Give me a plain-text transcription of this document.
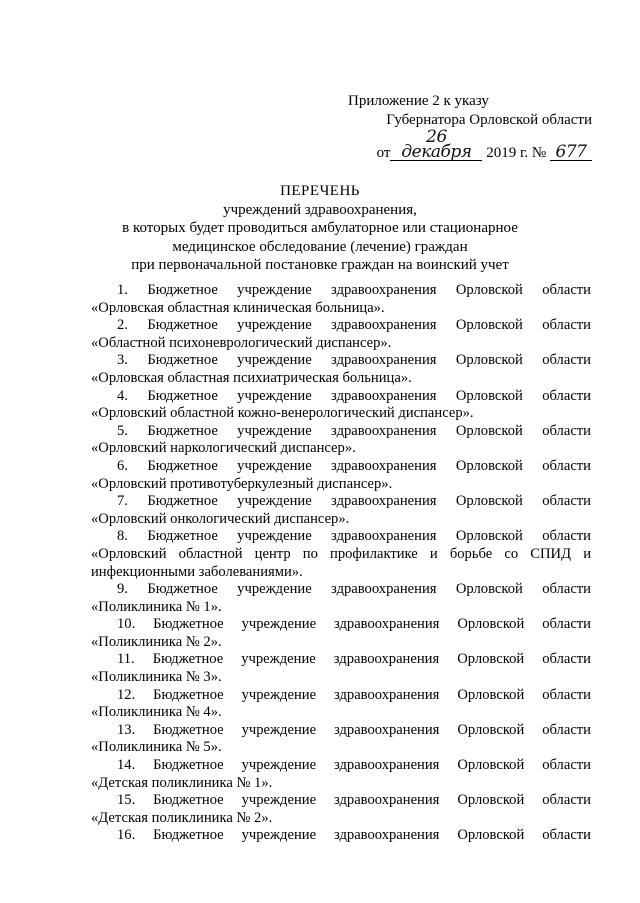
Приложение 2 к указу
Губернатора Орловской области
от26 декабря 2019 г. № 677
ПЕРЕЧЕНЬ
учреждений здравоохранения,
в которых будет проводиться амбулаторное или стационарное
медицинское обследование (лечение) граждан
при первоначальной постановке граждан на воинский учет
1. Бюджетное учреждение здравоохранения Орловской области
«Орловская областная клиническая больница».
2. Бюджетное учреждение здравоохранения Орловской области
«Областной психоневрологический диспансер».
3. Бюджетное учреждение здравоохранения Орловской области
«Орловская областная психиатрическая больница».
4. Бюджетное учреждение здравоохранения Орловской области
«Орловский областной кожно-венерологический диспансер».
5. Бюджетное учреждение здравоохранения Орловской области
«Орловский наркологический диспансер».
6. Бюджетное учреждение здравоохранения Орловской области
«Орловский противотуберкулезный диспансер».
7. Бюджетное учреждение здравоохранения Орловской области
«Орловский онкологический диспансер».
8. Бюджетное учреждение здравоохранения Орловской области
«Орловский областной центр по профилактике и борьбе со СПИД и инфекционными заболеваниями».
9. Бюджетное учреждение здравоохранения Орловской области
«Поликлиника № 1».
10. Бюджетное учреждение здравоохранения Орловской области
«Поликлиника № 2».
11. Бюджетное учреждение здравоохранения Орловской области
«Поликлиника № 3».
12. Бюджетное учреждение здравоохранения Орловской области
«Поликлиника № 4».
13. Бюджетное учреждение здравоохранения Орловской области
«Поликлиника № 5».
14. Бюджетное учреждение здравоохранения Орловской области
«Детская поликлиника № 1».
15. Бюджетное учреждение здравоохранения Орловской области
«Детская поликлиника № 2».
16. Бюджетное учреждение здравоохранения Орловской области
